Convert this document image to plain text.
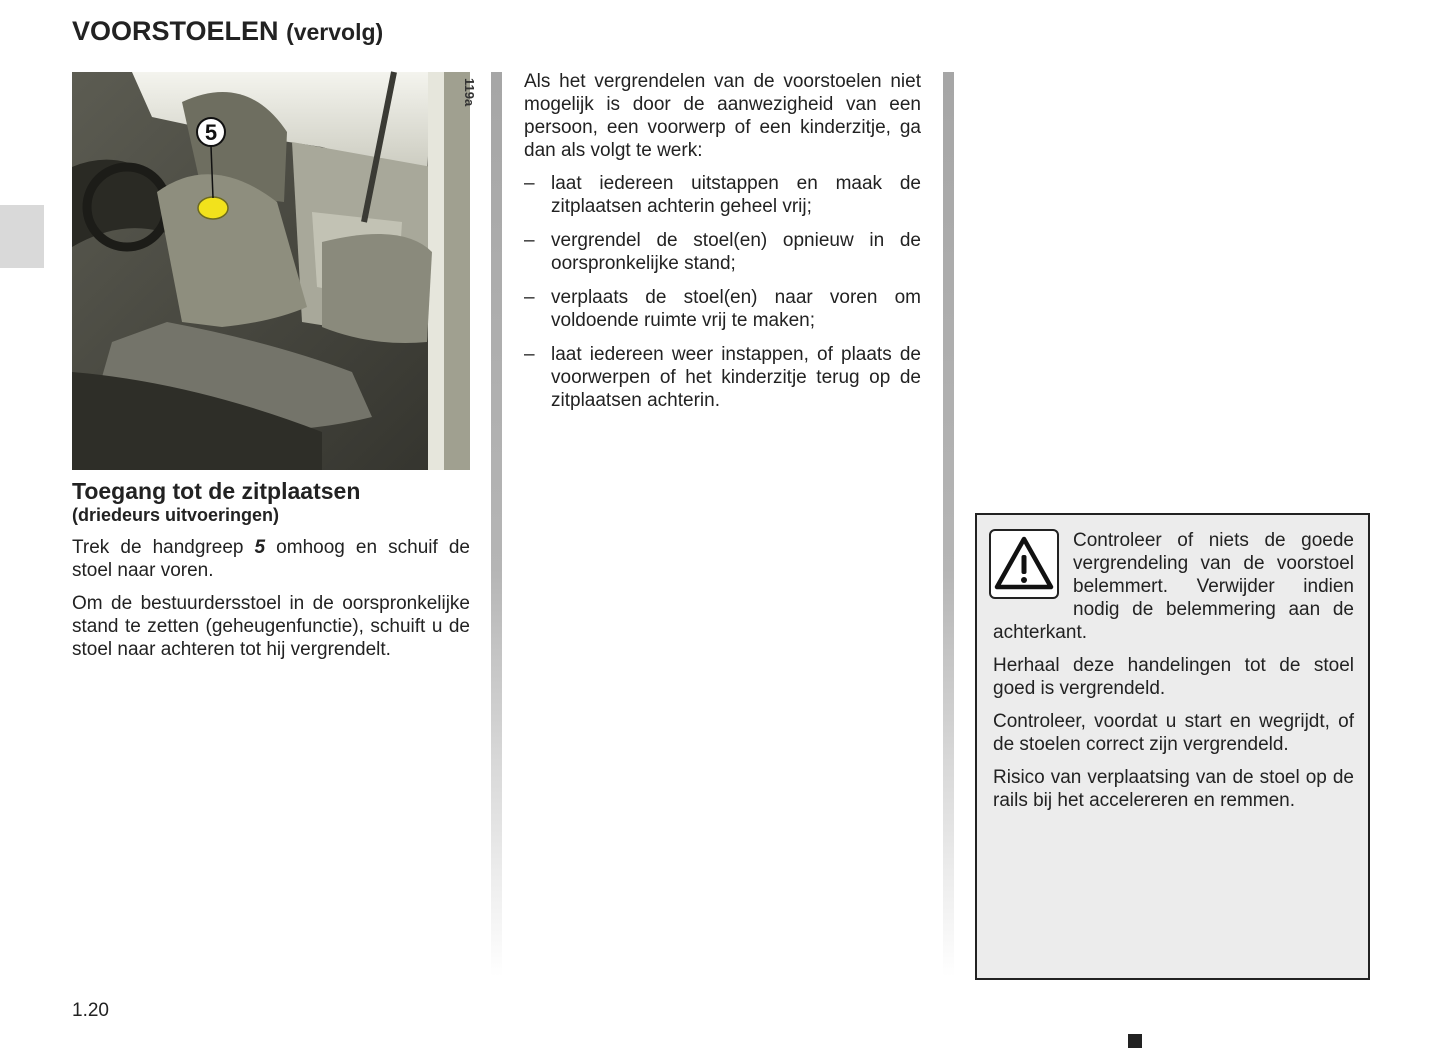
VOORSTOELEN (vervolg)
5
119a
Toegang tot de zitplaatsen
(driedeurs uitvoeringen)

Trek de handgreep 5 omhoog en schuif de stoel naar voren.

Om de bestuurdersstoel in de oorspronkelijke stand te zetten (geheugenfunctie), schuift u de stoel naar achteren tot hij vergrendelt.

Als het vergrendelen van de voorstoelen niet mogelijk is door de aanwezigheid van een persoon, een voorwerp of een kinderzitje, ga dan als volgt te werk:

– laat iedereen uitstappen en maak de zitplaatsen achterin geheel vrij;
– vergrendel de stoel(en) opnieuw in de oorspronkelijke stand;
– verplaats de stoel(en) naar voren om voldoende ruimte vrij te maken;
– laat iedereen weer instappen, of plaats de voorwerpen of het kinderzitje terug op de zitplaatsen achterin.

Controleer of niets de goede vergrendeling van de voorstoel belemmert. Verwijder indien nodig de belemmering aan de achterkant.

Herhaal deze handelingen tot de stoel goed is vergrendeld.

Controleer, voordat u start en wegrijdt, of de stoelen correct zijn vergrendeld.

Risico van verplaatsing van de stoel op de rails bij het accelereren en remmen.

1.20
